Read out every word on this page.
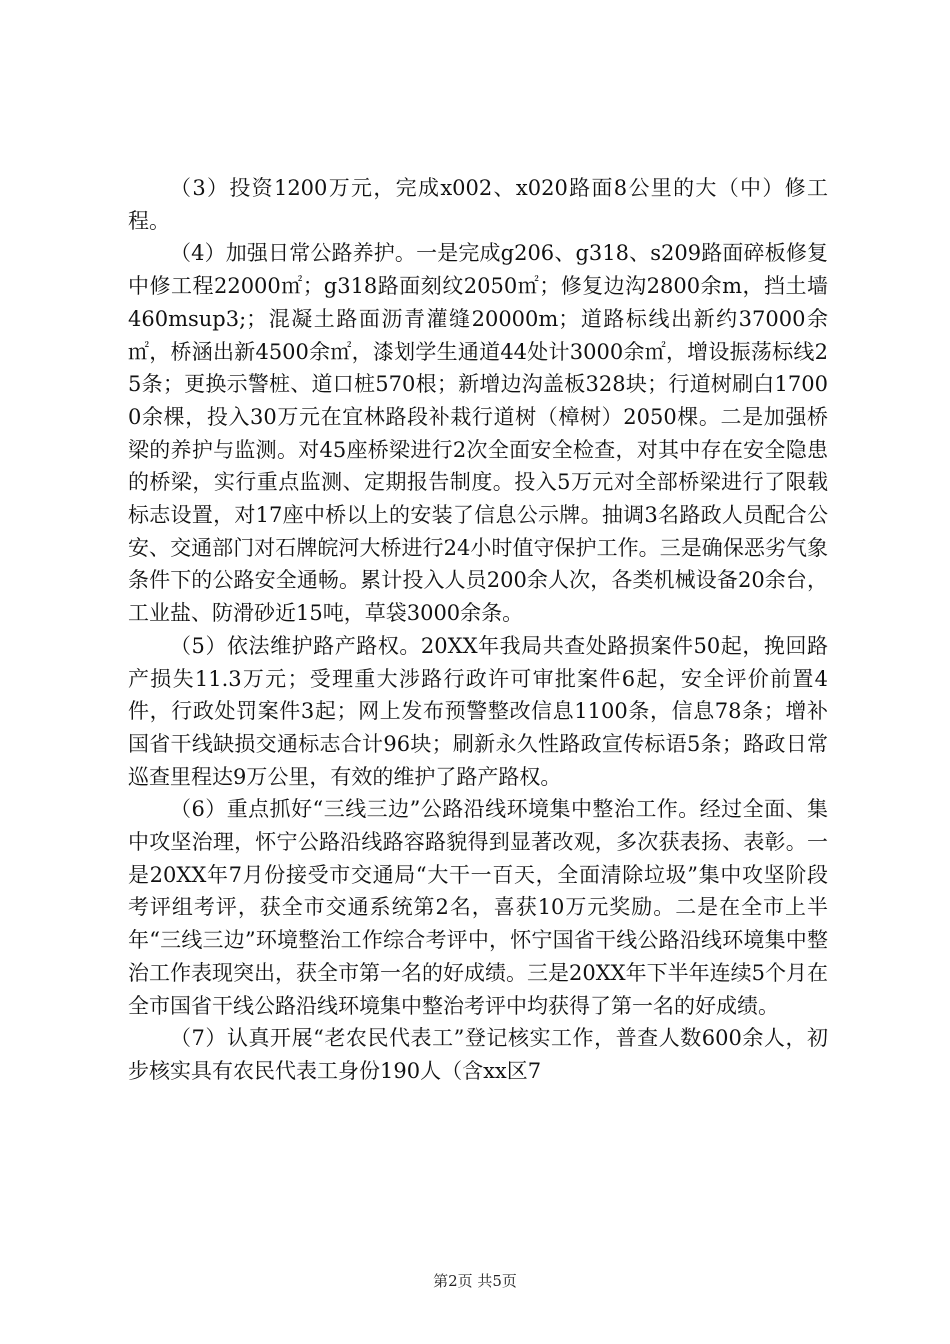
（3）投资1200万元，完成x002、x020路面8公里的大（中）修工程。

（4）加强日常公路养护。一是完成g206、g318、s209路面碎板修复中修工程22000㎡；g318路面刻纹2050㎡；修复边沟2800余m，挡土墙460msup3;；混凝土路面沥青灌缝20000m；道路标线出新约37000余㎡，桥涵出新4500余㎡，漆划学生通道44处计3000余㎡，增设振荡标线25条；更换示警桩、道口桩570根；新增边沟盖板328块；行道树刷白17000余棵，投入30万元在宜林路段补栽行道树（樟树）2050棵。二是加强桥梁的养护与监测。对45座桥梁进行2次全面安全检查，对其中存在安全隐患的桥梁，实行重点监测、定期报告制度。投入5万元对全部桥梁进行了限载标志设置，对17座中桥以上的安装了信息公示牌。抽调3名路政人员配合公安、交通部门对石牌皖河大桥进行24小时值守保护工作。三是确保恶劣气象条件下的公路安全通畅。累计投入人员200余人次，各类机械设备20余台，工业盐、防滑砂近15吨，草袋3000余条。

（5）依法维护路产路权。20XX年我局共查处路损案件50起，挽回路产损失11.3万元；受理重大涉路行政许可审批案件6起，安全评价前置4件，行政处罚案件3起；网上发布预警整改信息1100条，信息78条；增补国省干线缺损交通标志合计96块；刷新永久性路政宣传标语5条；路政日常巡查里程达9万公里，有效的维护了路产路权。

（6）重点抓好“三线三边”公路沿线环境集中整治工作。经过全面、集中攻坚治理，怀宁公路沿线路容路貌得到显著改观，多次获表扬、表彰。一是20XX年7月份接受市交通局“大干一百天，全面清除垃圾”集中攻坚阶段考评组考评，获全市交通系统第2名，喜获10万元奖励。二是在全市上半年“三线三边”环境整治工作综合考评中，怀宁国省干线公路沿线环境集中整治工作表现突出，获全市第一名的好成绩。三是20XX年下半年连续5个月在全市国省干线公路沿线环境集中整治考评中均获得了第一名的好成绩。

（7）认真开展“老农民代表工”登记核实工作，普查人数600余人，初步核实具有农民代表工身份190人（含xx区7

第2页 共5页
